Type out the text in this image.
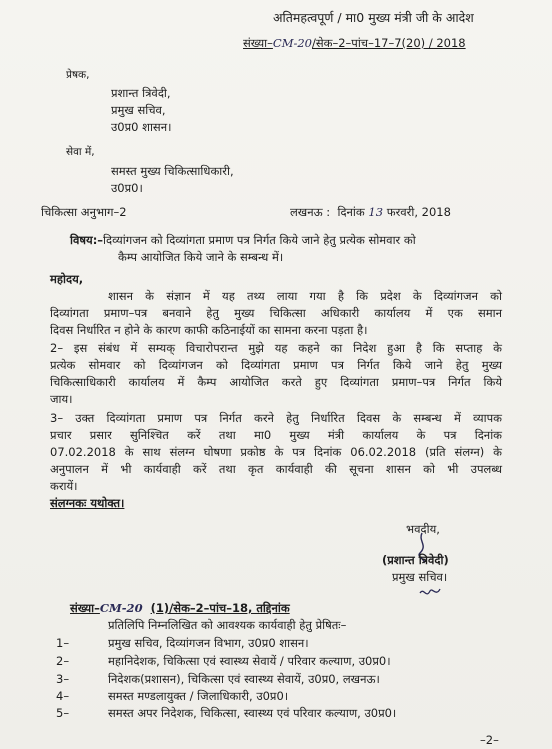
अतिमहत्वपूर्ण / मा0 मुख्य मंत्री जी के आदेश
संख्या–CM-20/सेक–2–पांच–17–7(20) / 2018
प्रेषक,
प्रशान्त त्रिवेदी,
प्रमुख सचिव,
उ0प्र0 शासन।
सेवा में,
समस्त मुख्य चिकित्साधिकारी,
उ0प्र0।
चिकित्सा अनुभाग–2	लखनऊ : दिनांक 13 फरवरी, 2018
विषय:–दिव्यांगजन को दिव्यांगता प्रमाण पत्र निर्गत किये जाने हेतु प्रत्येक सोमवार को
कैम्प आयोजित किये जाने के सम्बन्ध में।
महोदय,
शासन के संज्ञान में यह तथ्य लाया गया है कि प्रदेश के दिव्यांगजन को
दिव्यांगता प्रमाण–पत्र बनवाने हेतु मुख्य चिकित्सा अधिकारी कार्यालय में एक समान
दिवस निर्धारित न होने के कारण काफी कठिनाईयों का सामना करना पड़ता है।
2– इस संबंध में सम्यक् विचारोपरान्त मुझे यह कहने का निदेश हुआ है कि सप्ताह के
प्रत्येक सोमवार को दिव्यांगजन को दिव्यांगता प्रमाण पत्र निर्गत किये जाने हेतु मुख्य
चिकित्साधिकारी कार्यालय में कैम्प आयोजित करते हुए दिव्यांगता प्रमाण–पत्र निर्गत किये
जाय।
3– उक्त दिव्यांगता प्रमाण पत्र निर्गत करने हेतु निर्धारित दिवस के सम्बन्ध में व्यापक
प्रचार प्रसार सुनिश्चित करें तथा मा0 मुख्य मंत्री कार्यालय के पत्र दिनांक
07.02.2018 के साथ संलग्न घोषणा प्रकोष्ठ के पत्र दिनांक 06.02.2018 (प्रति संलग्न) के
अनुपालन में भी कार्यवाही करें तथा कृत कार्यवाही की सूचना शासन को भी उपलब्ध
करायें।
संलग्नकः यथोक्त।
भवदीय,
(प्रशान्त त्रिवेदी)
प्रमुख सचिव।
संख्या–CM-20 (1)/सेक–2–पांच–18, तद्दिनांक
प्रतिलिपि निम्नलिखित को आवश्यक कार्यवाही हेतु प्रेषितः–
1–	प्रमुख सचिव, दिव्यांगजन विभाग, उ0प्र0 शासन।
2–	महानिदेशक, चिकित्सा एवं स्वास्थ्य सेवायें / परिवार कल्याण, उ0प्र0।
3–	निदेशक(प्रशासन), चिकित्सा एवं स्वास्थ्य सेवायें, उ0प्र0, लखनऊ।
4–	समस्त मण्डलायुक्त / जिलाधिकारी, उ0प्र0।
5–	समस्त अपर निदेशक, चिकित्सा, स्वास्थ्य एवं परिवार कल्याण, उ0प्र0।
–2–
